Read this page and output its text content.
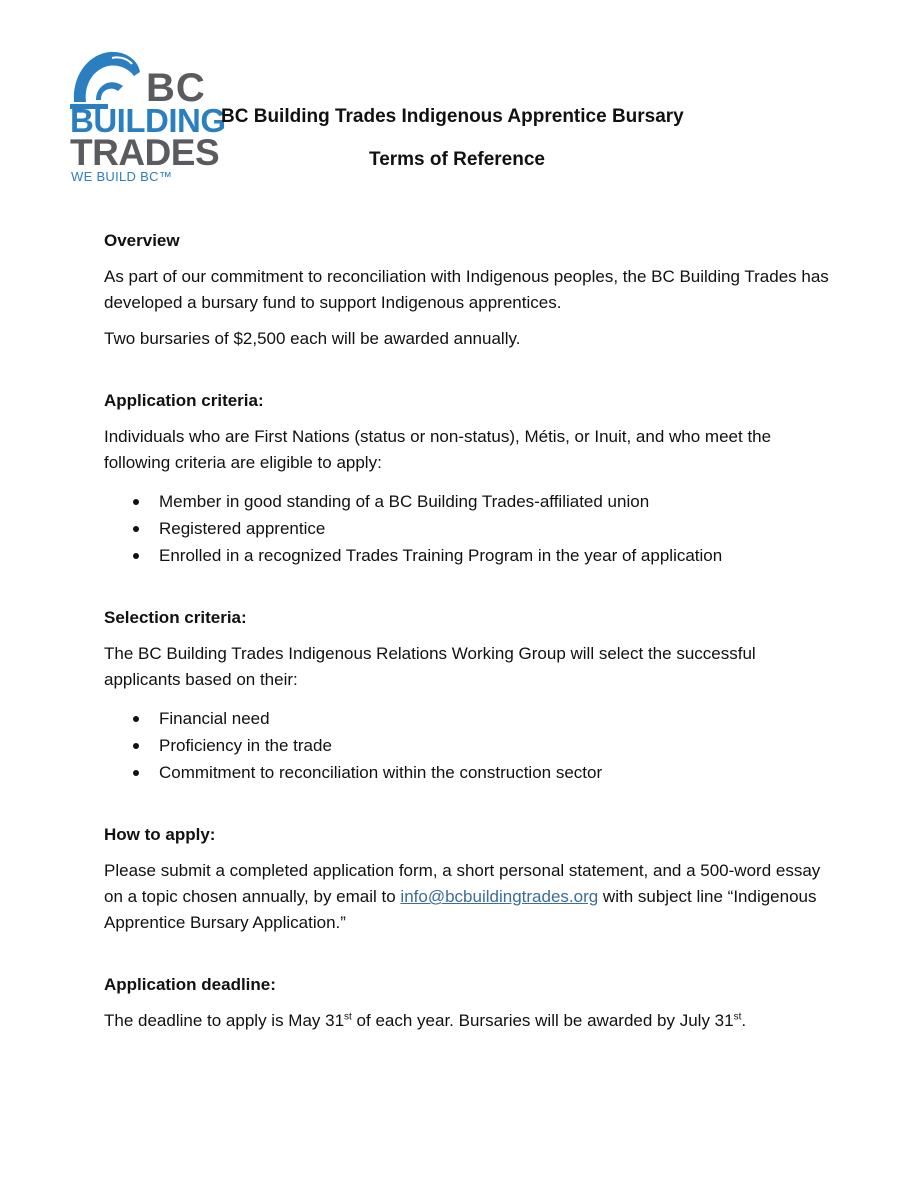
BC
BUILDING
TRADES
WE BUILD BC™
BC Building Trades Indigenous Apprentice Bursary
Terms of Reference

Overview

As part of our commitment to reconciliation with Indigenous peoples, the BC Building Trades has developed a bursary fund to support Indigenous apprentices.

Two bursaries of $2,500 each will be awarded annually.

Application criteria:

Individuals who are First Nations (status or non-status), Métis, or Inuit, and who meet the following criteria are eligible to apply:

Member in good standing of a BC Building Trades-affiliated union
Registered apprentice
Enrolled in a recognized Trades Training Program in the year of application

Selection criteria:

The BC Building Trades Indigenous Relations Working Group will select the successful applicants based on their:

Financial need
Proficiency in the trade
Commitment to reconciliation within the construction sector

How to apply:

Please submit a completed application form, a short personal statement, and a 500-word essay on a topic chosen annually, by email to info@bcbuildingtrades.org with subject line “Indigenous Apprentice Bursary Application.”

Application deadline:

The deadline to apply is May 31st of each year. Bursaries will be awarded by July 31st.
